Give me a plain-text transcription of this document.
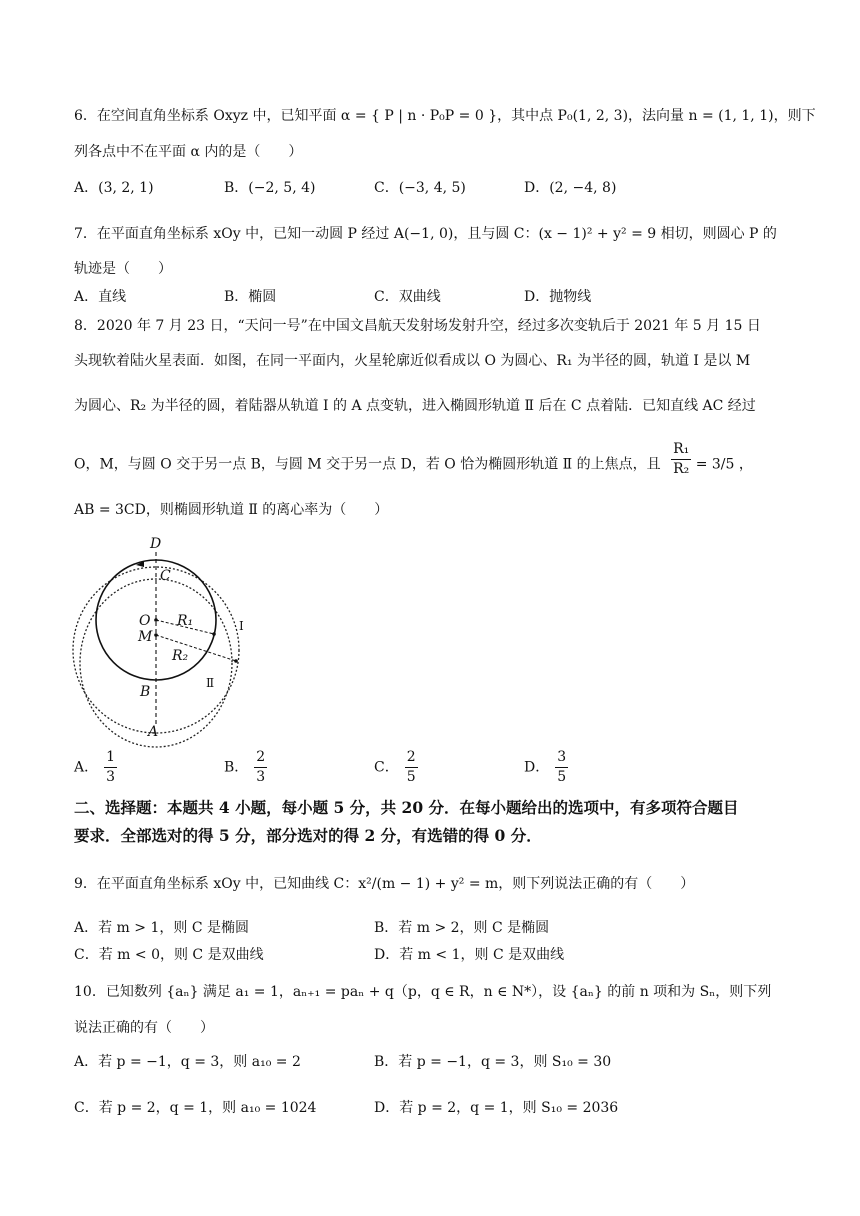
6．在空间直角坐标系 Oxyz 中，已知平面 α = { P | n · P₀P = 0 }，其中点 P₀(1, 2, 3)，法向量 n = (1, 1, 1)，则下
列各点中不在平面 α 内的是（　　）
A．(3, 2, 1)	B．(−2, 5, 4)	C．(−3, 4, 5)	D．(2, −4, 8)
7．在平面直角坐标系 xOy 中，已知一动圆 P 经过 A(−1, 0)，且与圆 C：(x − 1)² + y² = 9 相切，则圆心 P 的
轨迹是（　　）
A．直线	B．椭圆	C．双曲线	D．抛物线
8．2020 年 7 月 23 日，“天问一号”在中国文昌航天发射场发射升空，经过多次变轨后于 2021 年 5 月 15 日
头现软着陆火星表面．如图，在同一平面内，火星轮廓近似看成以 O 为圆心、R₁ 为半径的圆，轨道 Ⅰ 是以 M
为圆心、R₂ 为半径的圆，着陆器从轨道 Ⅰ 的 A 点变轨，进入椭圆形轨道 Ⅱ 后在 C 点着陆．已知直线 AC 经过
O，M，与圆 O 交于另一点 B，与圆 M 交于另一点 D，若 O 恰为椭圆形轨道 Ⅱ 的上焦点，且 $\frac{\text{R₁}}{\text{R₂}} = 3/5$ ，
AB = 3CD，则椭圆形轨道 Ⅱ 的离心率为（　　）
D
C
O
M
R₁
R₂
B
A
Ⅰ
Ⅱ
A． $\frac{1}{3}$	B． $\frac{2}{3}$	C． $\frac{2}{5}$	D． $\frac{3}{5}$
二、选择题：本题共 4 小题，每小题 5 分，共 20 分．在每小题给出的选项中，有多项符合题目
要求．全部选对的得 5 分，部分选对的得 2 分，有选错的得 0 分．
9．在平面直角坐标系 xOy 中，已知曲线 C：x²/(m − 1) + y² = m，则下列说法正确的有（　　）
A．若 m > 1，则 C 是椭圆	B．若 m > 2，则 C 是椭圆
C．若 m < 0，则 C 是双曲线	D．若 m < 1，则 C 是双曲线
10．已知数列 {aₙ} 满足 a₁ = 1，aₙ₊₁ = paₙ + q（p，q ∈ R，n ∈ N*），设 {aₙ} 的前 n 项和为 Sₙ，则下列
说法正确的有（　　）
A．若 p = −1，q = 3，则 a₁₀ = 2	B．若 p = −1，q = 3，则 S₁₀ = 30
C．若 p = 2，q = 1，则 a₁₀ = 1024	D．若 p = 2，q = 1，则 S₁₀ = 2036
